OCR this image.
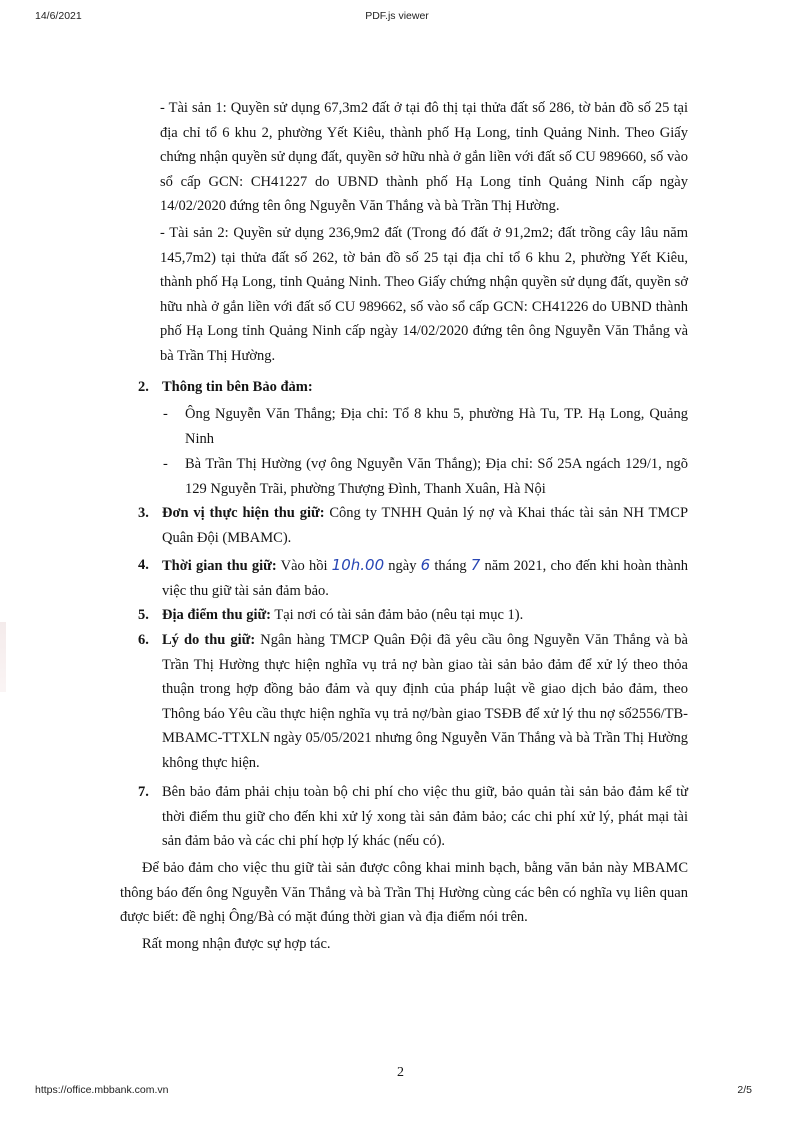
14/6/2021	PDF.js viewer

- Tài sản 1: Quyền sử dụng 67,3m2 đất ở tại đô thị tại thửa đất số 286, tờ bản đồ số 25 tại địa chỉ tổ 6 khu 2, phường Yết Kiêu, thành phố Hạ Long, tỉnh Quảng Ninh. Theo Giấy chứng nhận quyền sử dụng đất, quyền sở hữu nhà ở gắn liền với đất số CU 989660, số vào sổ cấp GCN: CH41227 do UBND thành phố Hạ Long tỉnh Quảng Ninh cấp ngày 14/02/2020 đứng tên ông Nguyễn Văn Thắng và bà Trần Thị Hường.

- Tài sản 2: Quyền sử dụng 236,9m2 đất (Trong đó đất ở 91,2m2; đất trồng cây lâu năm 145,7m2) tại thửa đất số 262, tờ bản đồ số 25 tại địa chỉ tổ 6 khu 2, phường Yết Kiêu, thành phố Hạ Long, tỉnh Quảng Ninh. Theo Giấy chứng nhận quyền sử dụng đất, quyền sở hữu nhà ở gắn liền với đất số CU 989662, số vào sổ cấp GCN: CH41226 do UBND thành phố Hạ Long tỉnh Quảng Ninh cấp ngày 14/02/2020 đứng tên ông Nguyễn Văn Thắng và bà Trần Thị Hường.

2. Thông tin bên Bảo đảm:
- Ông Nguyễn Văn Thắng; Địa chỉ: Tổ 8 khu 5, phường Hà Tu, TP. Hạ Long, Quảng Ninh

- Bà Trần Thị Hường (vợ ông Nguyễn Văn Thắng); Địa chỉ: Số 25A ngách 129/1, ngõ 129 Nguyễn Trãi, phường Thượng Đình, Thanh Xuân, Hà Nội

3. Đơn vị thực hiện thu giữ: Công ty TNHH Quản lý nợ và Khai thác tài sản NH TMCP Quân Đội (MBAMC).

4. Thời gian thu giữ: Vào hồi 10h.00 ngày 6 tháng 7 năm 2021, cho đến khi hoàn thành việc thu giữ tài sản đảm bảo.

5. Địa điểm thu giữ: Tại nơi có tài sản đảm bảo (nêu tại mục 1).

6. Lý do thu giữ: Ngân hàng TMCP Quân Đội đã yêu cầu ông Nguyễn Văn Thắng và bà Trần Thị Hường thực hiện nghĩa vụ trả nợ bàn giao tài sản bảo đảm để xử lý theo thỏa thuận trong hợp đồng bảo đảm và quy định của pháp luật về giao dịch bảo đảm, theo Thông báo Yêu cầu thực hiện nghĩa vụ trả nợ/bàn giao TSĐB để xử lý thu nợ số2556/TB-MBAMC-TTXLN ngày 05/05/2021 nhưng ông Nguyễn Văn Thắng và bà Trần Thị Hường không thực hiện.

7. Bên bảo đảm phải chịu toàn bộ chi phí cho việc thu giữ, bảo quản tài sản bảo đảm kể từ thời điểm thu giữ cho đến khi xử lý xong tài sản đảm bảo; các chi phí xử lý, phát mại tài sản đảm bảo và các chi phí hợp lý khác (nếu có).

Để bảo đảm cho việc thu giữ tài sản được công khai minh bạch, bằng văn bản này MBAMC thông báo đến ông Nguyễn Văn Thắng và bà Trần Thị Hường cùng các bên có nghĩa vụ liên quan được biết: đề nghị Ông/Bà có mặt đúng thời gian và địa điểm nói trên.

Rất mong nhận được sự hợp tác.

2
https://office.mbbank.com.vn	2/5
